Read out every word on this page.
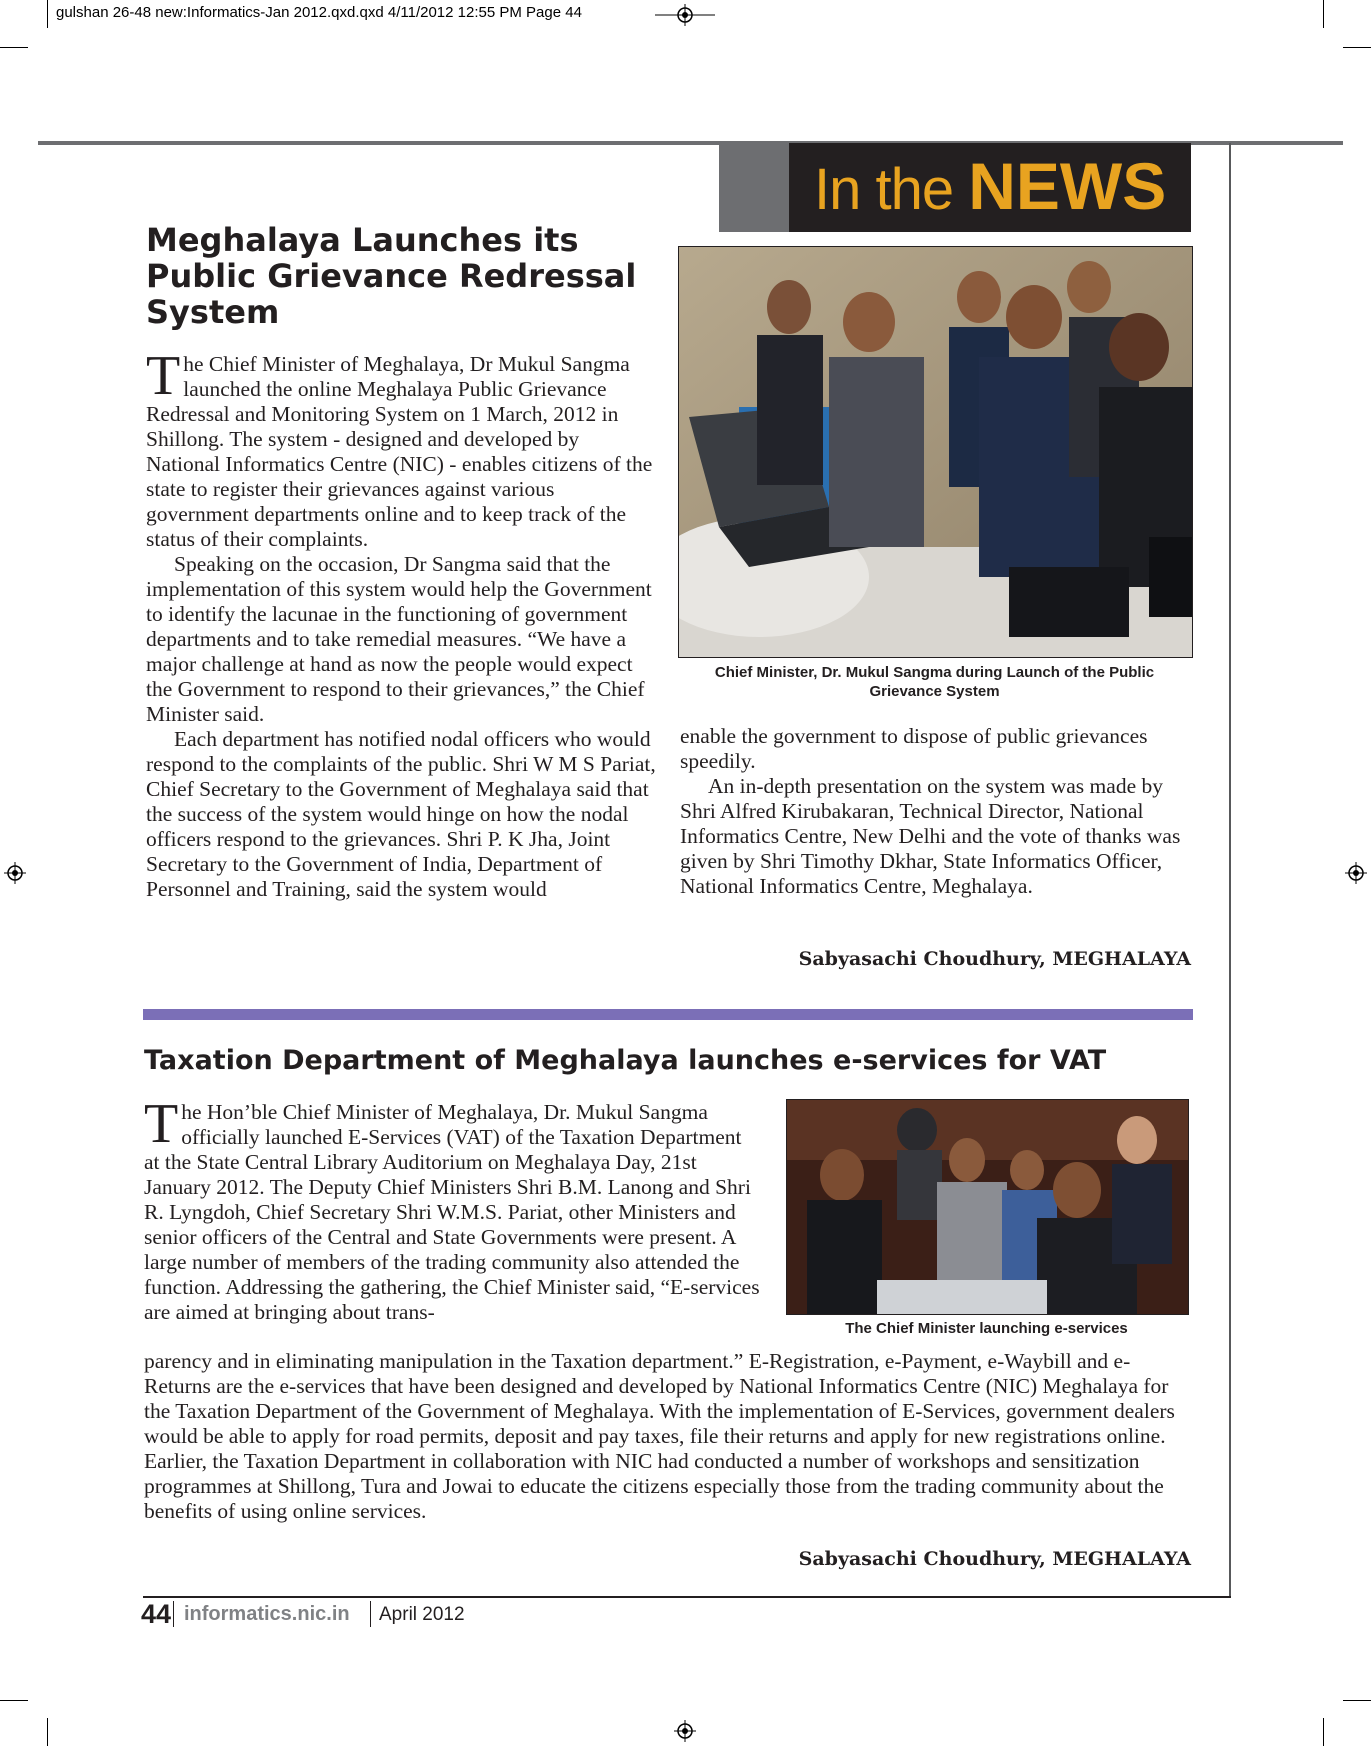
gulshan 26-48 new:Informatics-Jan 2012.qxd.qxd 4/11/2012 12:55 PM Page 44
In the NEWS
Meghalaya Launches its Public Grievance Redressal System

The Chief Minister of Meghalaya, Dr Mukul Sangma launched the online Meghalaya Public Grievance Redressal and Monitoring System on 1 March, 2012 in Shillong. The system - designed and developed by National Informatics Centre (NIC) - enables citizens of the state to register their grievances against various government departments online and to keep track of the status of their complaints.

Speaking on the occasion, Dr Sangma said that the implementation of this system would help the Government to identify the lacunae in the functioning of government departments and to take remedial measures. “We have a major challenge at hand as now the people would expect the Government to respond to their grievances,” the Chief Minister said.

Each department has notified nodal officers who would respond to the complaints of the public. Shri W M S Pariat, Chief Secretary to the Government of Meghalaya said that the success of the system would hinge on how the nodal officers respond to the grievances. Shri P. K Jha, Joint Secretary to the Government of India, Department of Personnel and Training, said the system would

Chief Minister, Dr. Mukul Sangma during Launch of the Public Grievance System

enable the government to dispose of public grievances speedily.

An in-depth presentation on the system was made by Shri Alfred Kirubakaran, Technical Director, National Informatics Centre, New Delhi and the vote of thanks was given by Shri Timothy Dkhar, State Informatics Officer, National Informatics Centre, Meghalaya.

Sabyasachi Choudhury, MEGHALAYA
Taxation Department of Meghalaya launches e-services for VAT

The Hon’ble Chief Minister of Meghalaya, Dr. Mukul Sangma officially launched E-Services (VAT) of the Taxation Department at the State Central Library Auditorium on Meghalaya Day, 21st January 2012. The Deputy Chief Ministers Shri B.M. Lanong and Shri R. Lyngdoh, Chief Secretary Shri W.M.S. Pariat, other Ministers and senior officers of the Central and State Governments were present. A large number of members of the trading community also attended the function. Addressing the gathering, the Chief Minister said, “E-services are aimed at bringing about trans-

The Chief Minister launching e-services

parency and in eliminating manipulation in the Taxation department.” E-Registration, e-Payment, e-Waybill and e-Returns are the e-services that have been designed and developed by National Informatics Centre (NIC) Meghalaya for the Taxation Department of the Government of Meghalaya. With the implementation of E-Services, government dealers would be able to apply for road permits, deposit and pay taxes, file their returns and apply for new registrations online. Earlier, the Taxation Department in collaboration with NIC had conducted a number of workshops and sensitization programmes at Shillong, Tura and Jowai to educate the citizens especially those from the trading community about the benefits of using online services.

Sabyasachi Choudhury, MEGHALAYA
44 informatics.nic.in April 2012
